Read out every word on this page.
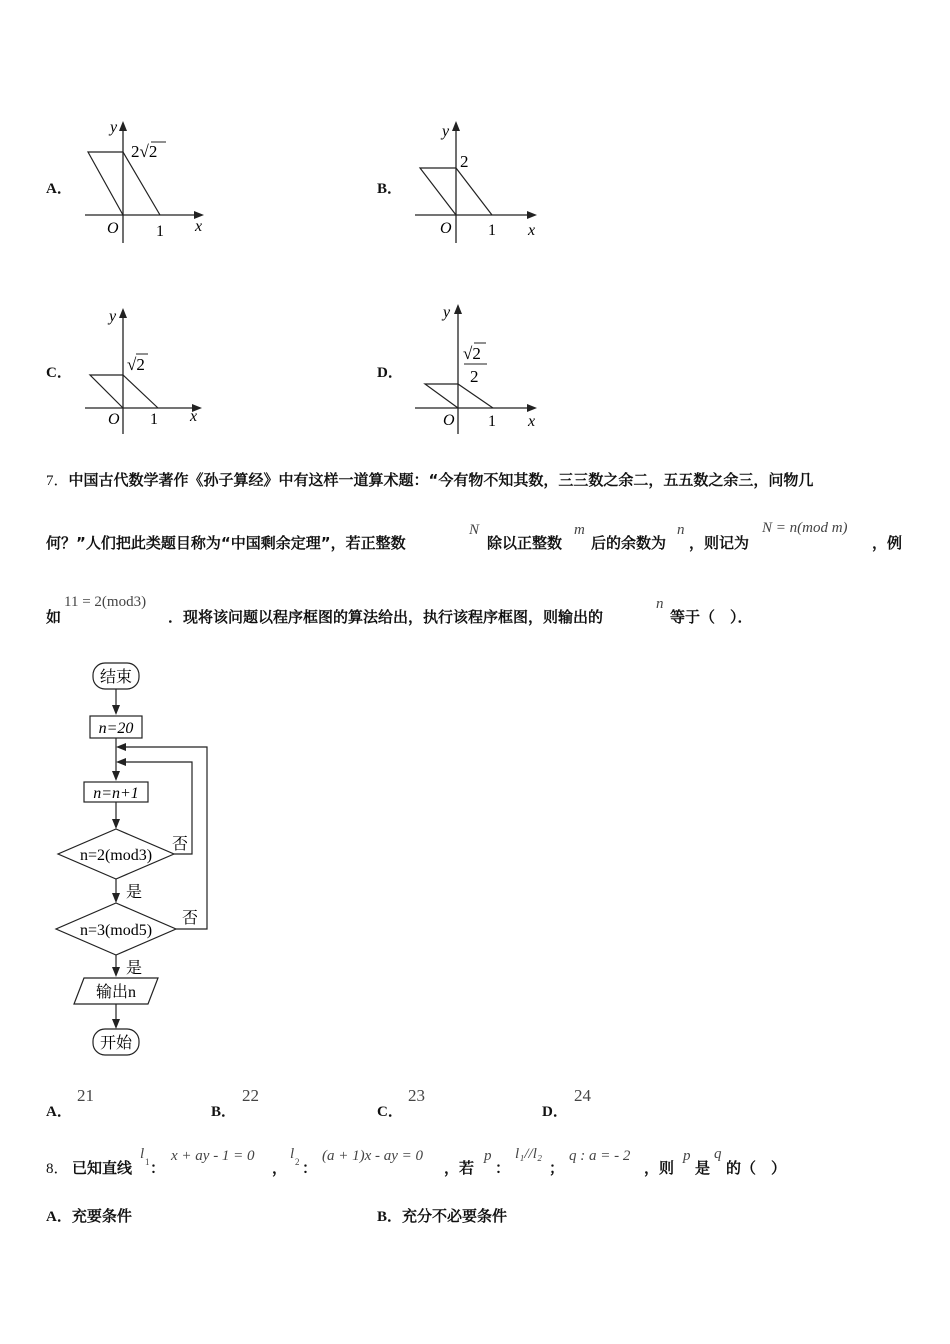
A．
y
x
O 1
2√2
B．
y
x
O 1
2
C．
y
x
O 1
√2	D．
y
x
O 1
√2
2
7．中国古代数学著作《孙子算经》中有这样一道算术题：“今有物不知其数，三三数之余二，五五数之余三，问物几
何？”人们把此类题目称为“中国剩余定理”，若正整数
N
除以正整数
m
后的余数为
n
，则记为
N = n(mod m)
，例
如
11 = 2(mod3)
．现将该问题以程序框图的算法给出，执行该程序框图，则输出的
n
等于（　）．
结束
n=20
n=n+1
n=2(mod3)
否
是
n=3(mod5)
否
是
输出n
开始
A．
21
B．
22
C．
23
D．
24
8． 已知直线
l 1 ：
x + ay - 1 = 0
，
l 2 ：
(a + 1)x - ay = 0
，若
p
：
l₁//l₂
；
q : a = - 2
，则
p
是
q
的（　）
A．充要条件	B．充分不必要条件
